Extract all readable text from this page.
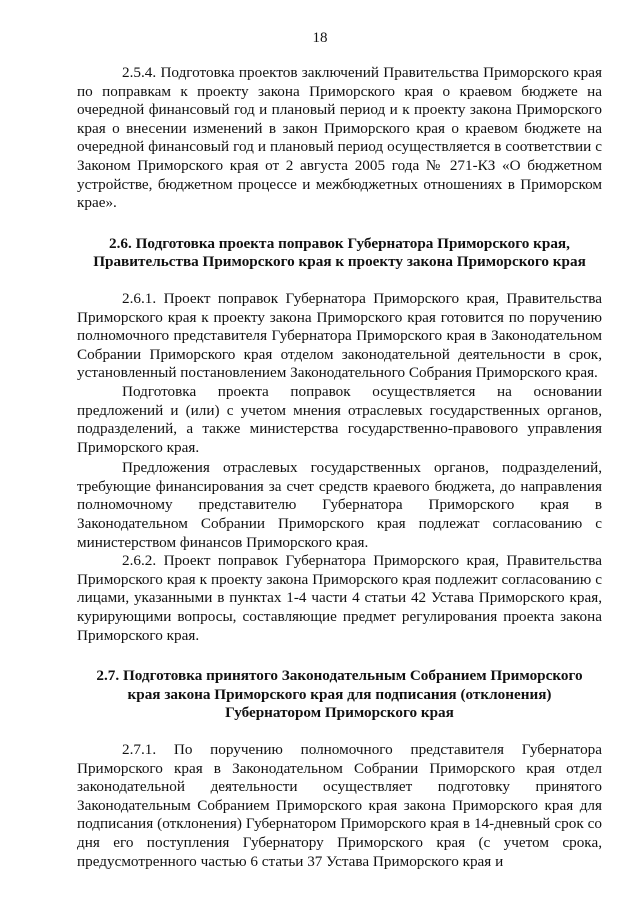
18

2.5.4. Подготовка проектов заключений Правительства Приморского края по поправкам к проекту закона Приморского края о краевом бюджете на очередной финансовый год и плановый период и к проекту закона Приморского края о внесении изменений в закон Приморского края о краевом бюджете на очередной финансовый год и плановый период осуществляется в соответствии с Законом Приморского края от 2 августа 2005 года № 271-КЗ «О бюджетном устройстве, бюджетном процессе и межбюджетных отношениях в Приморском крае».

2.6. Подготовка проекта поправок Губернатора Приморского края,
Правительства Приморского края к проекту закона Приморского края

2.6.1. Проект поправок Губернатора Приморского края, Правительства Приморского края к проекту закона Приморского края готовится по поручению полномочного представителя Губернатора Приморского края в Законодательном Собрании Приморского края отделом законодательной деятельности в срок, установленный постановлением Законодательного Собрания Приморского края.

Подготовка проекта поправок осуществляется на основании предложений и (или) с учетом мнения отраслевых государственных органов, подразделений, а также министерства государственно-правового управления Приморского края.

Предложения отраслевых государственных органов, подразделений, требующие финансирования за счет средств краевого бюджета, до направления полномочному представителю Губернатора Приморского края в Законодательном Собрании Приморского края подлежат согласованию с министерством финансов Приморского края.

2.6.2. Проект поправок Губернатора Приморского края, Правительства Приморского края к проекту закона Приморского края подлежит согласованию с лицами, указанными в пунктах 1-4 части 4 статьи 42 Устава Приморского края, курирующими вопросы, составляющие предмет регулирования проекта закона Приморского края.

2.7. Подготовка принятого Законодательным Собранием Приморского
края закона Приморского края для подписания (отклонения)
Губернатором Приморского края

2.7.1. По поручению полномочного представителя Губернатора Приморского края в Законодательном Собрании Приморского края отдел законодательной деятельности осуществляет подготовку принятого Законодательным Собранием Приморского края закона Приморского края для подписания (отклонения) Губернатором Приморского края в 14-дневный срок со дня его поступления Губернатору Приморского края (с учетом срока, предусмотренного частью 6 статьи 37 Устава Приморского края и
